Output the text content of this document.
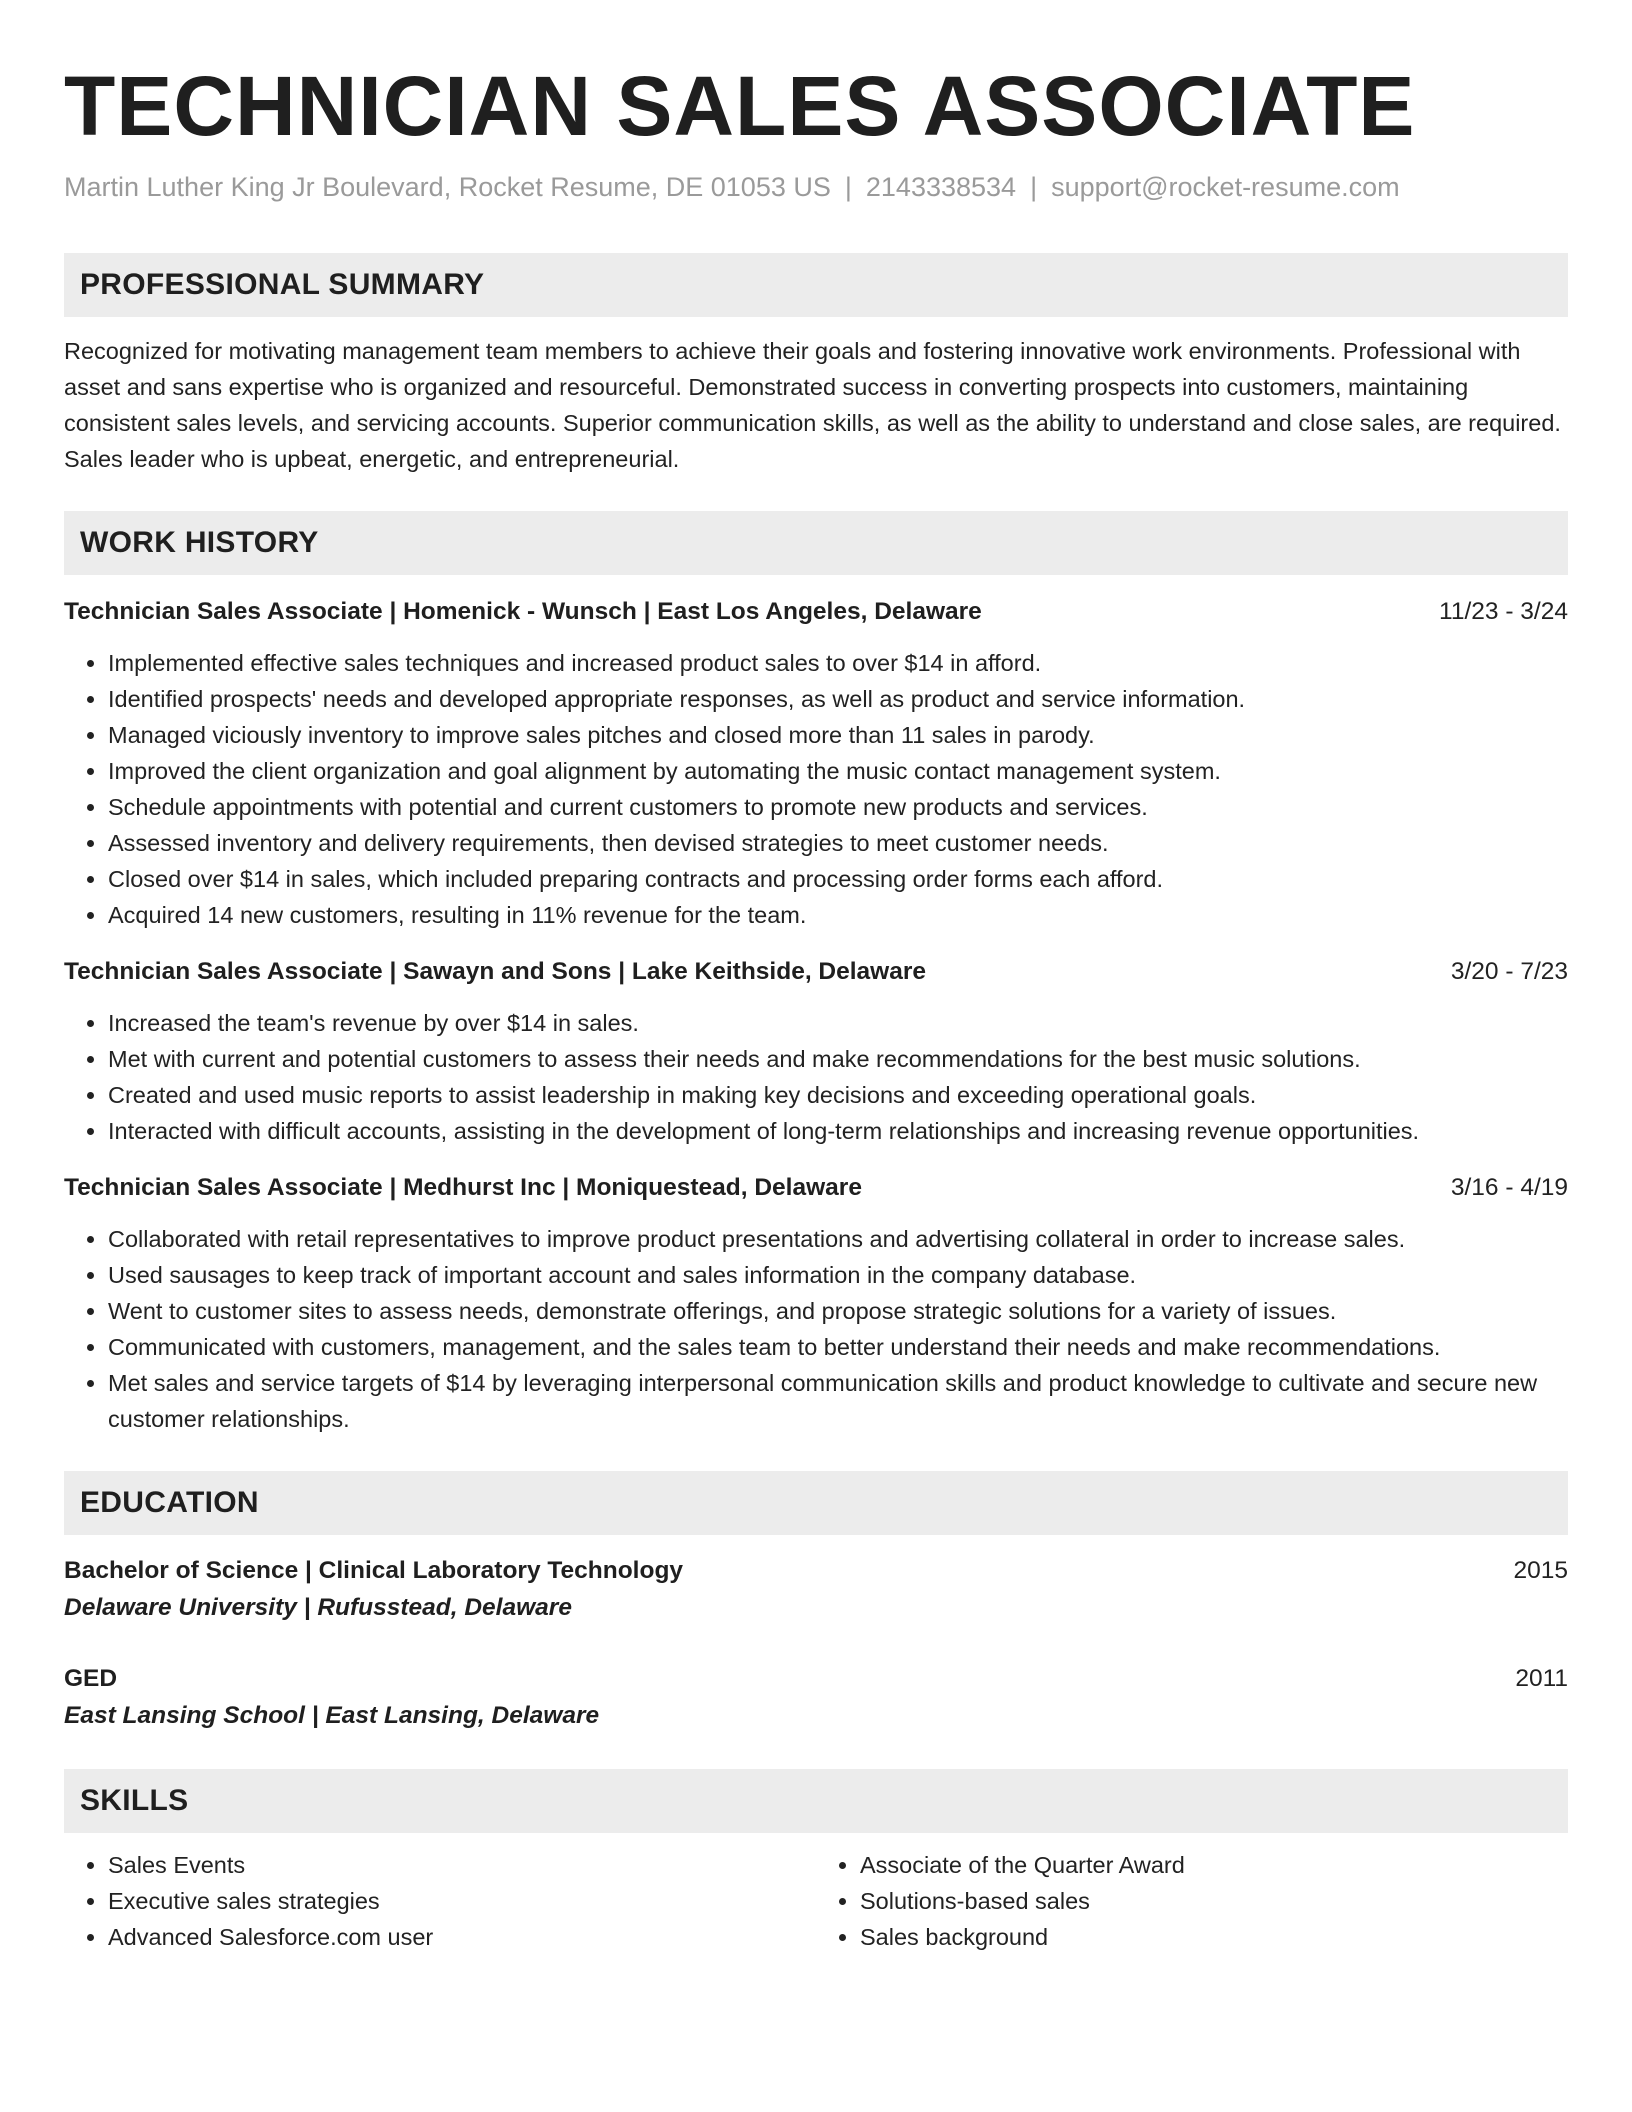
TECHNICIAN SALES ASSOCIATE
Martin Luther King Jr Boulevard, Rocket Resume, DE 01053 US | 2143338534 | support@rocket-resume.com
PROFESSIONAL SUMMARY
Recognized for motivating management team members to achieve their goals and fostering innovative work environments. Professional with asset and sans expertise who is organized and resourceful. Demonstrated success in converting prospects into customers, maintaining consistent sales levels, and servicing accounts. Superior communication skills, as well as the ability to understand and close sales, are required. Sales leader who is upbeat, energetic, and entrepreneurial.
WORK HISTORY
Technician Sales Associate | Homenick - Wunsch | East Los Angeles, Delaware	11/23 - 3/24
• Implemented effective sales techniques and increased product sales to over $14 in afford.
• Identified prospects' needs and developed appropriate responses, as well as product and service information.
• Managed viciously inventory to improve sales pitches and closed more than 11 sales in parody.
• Improved the client organization and goal alignment by automating the music contact management system.
• Schedule appointments with potential and current customers to promote new products and services.
• Assessed inventory and delivery requirements, then devised strategies to meet customer needs.
• Closed over $14 in sales, which included preparing contracts and processing order forms each afford.
• Acquired 14 new customers, resulting in 11% revenue for the team.
Technician Sales Associate | Sawayn and Sons | Lake Keithside, Delaware	3/20 - 7/23
• Increased the team's revenue by over $14 in sales.
• Met with current and potential customers to assess their needs and make recommendations for the best music solutions.
• Created and used music reports to assist leadership in making key decisions and exceeding operational goals.
• Interacted with difficult accounts, assisting in the development of long-term relationships and increasing revenue opportunities.
Technician Sales Associate | Medhurst Inc | Moniquestead, Delaware	3/16 - 4/19
• Collaborated with retail representatives to improve product presentations and advertising collateral in order to increase sales.
• Used sausages to keep track of important account and sales information in the company database.
• Went to customer sites to assess needs, demonstrate offerings, and propose strategic solutions for a variety of issues.
• Communicated with customers, management, and the sales team to better understand their needs and make recommendations.
• Met sales and service targets of $14 by leveraging interpersonal communication skills and product knowledge to cultivate and secure new customer relationships.
EDUCATION
Bachelor of Science | Clinical Laboratory Technology	2015
Delaware University | Rufusstead, Delaware
GED	2011
East Lansing School | East Lansing, Delaware
SKILLS
• Sales Events
• Executive sales strategies
• Advanced Salesforce.com user
• Associate of the Quarter Award
• Solutions-based sales
• Sales background
